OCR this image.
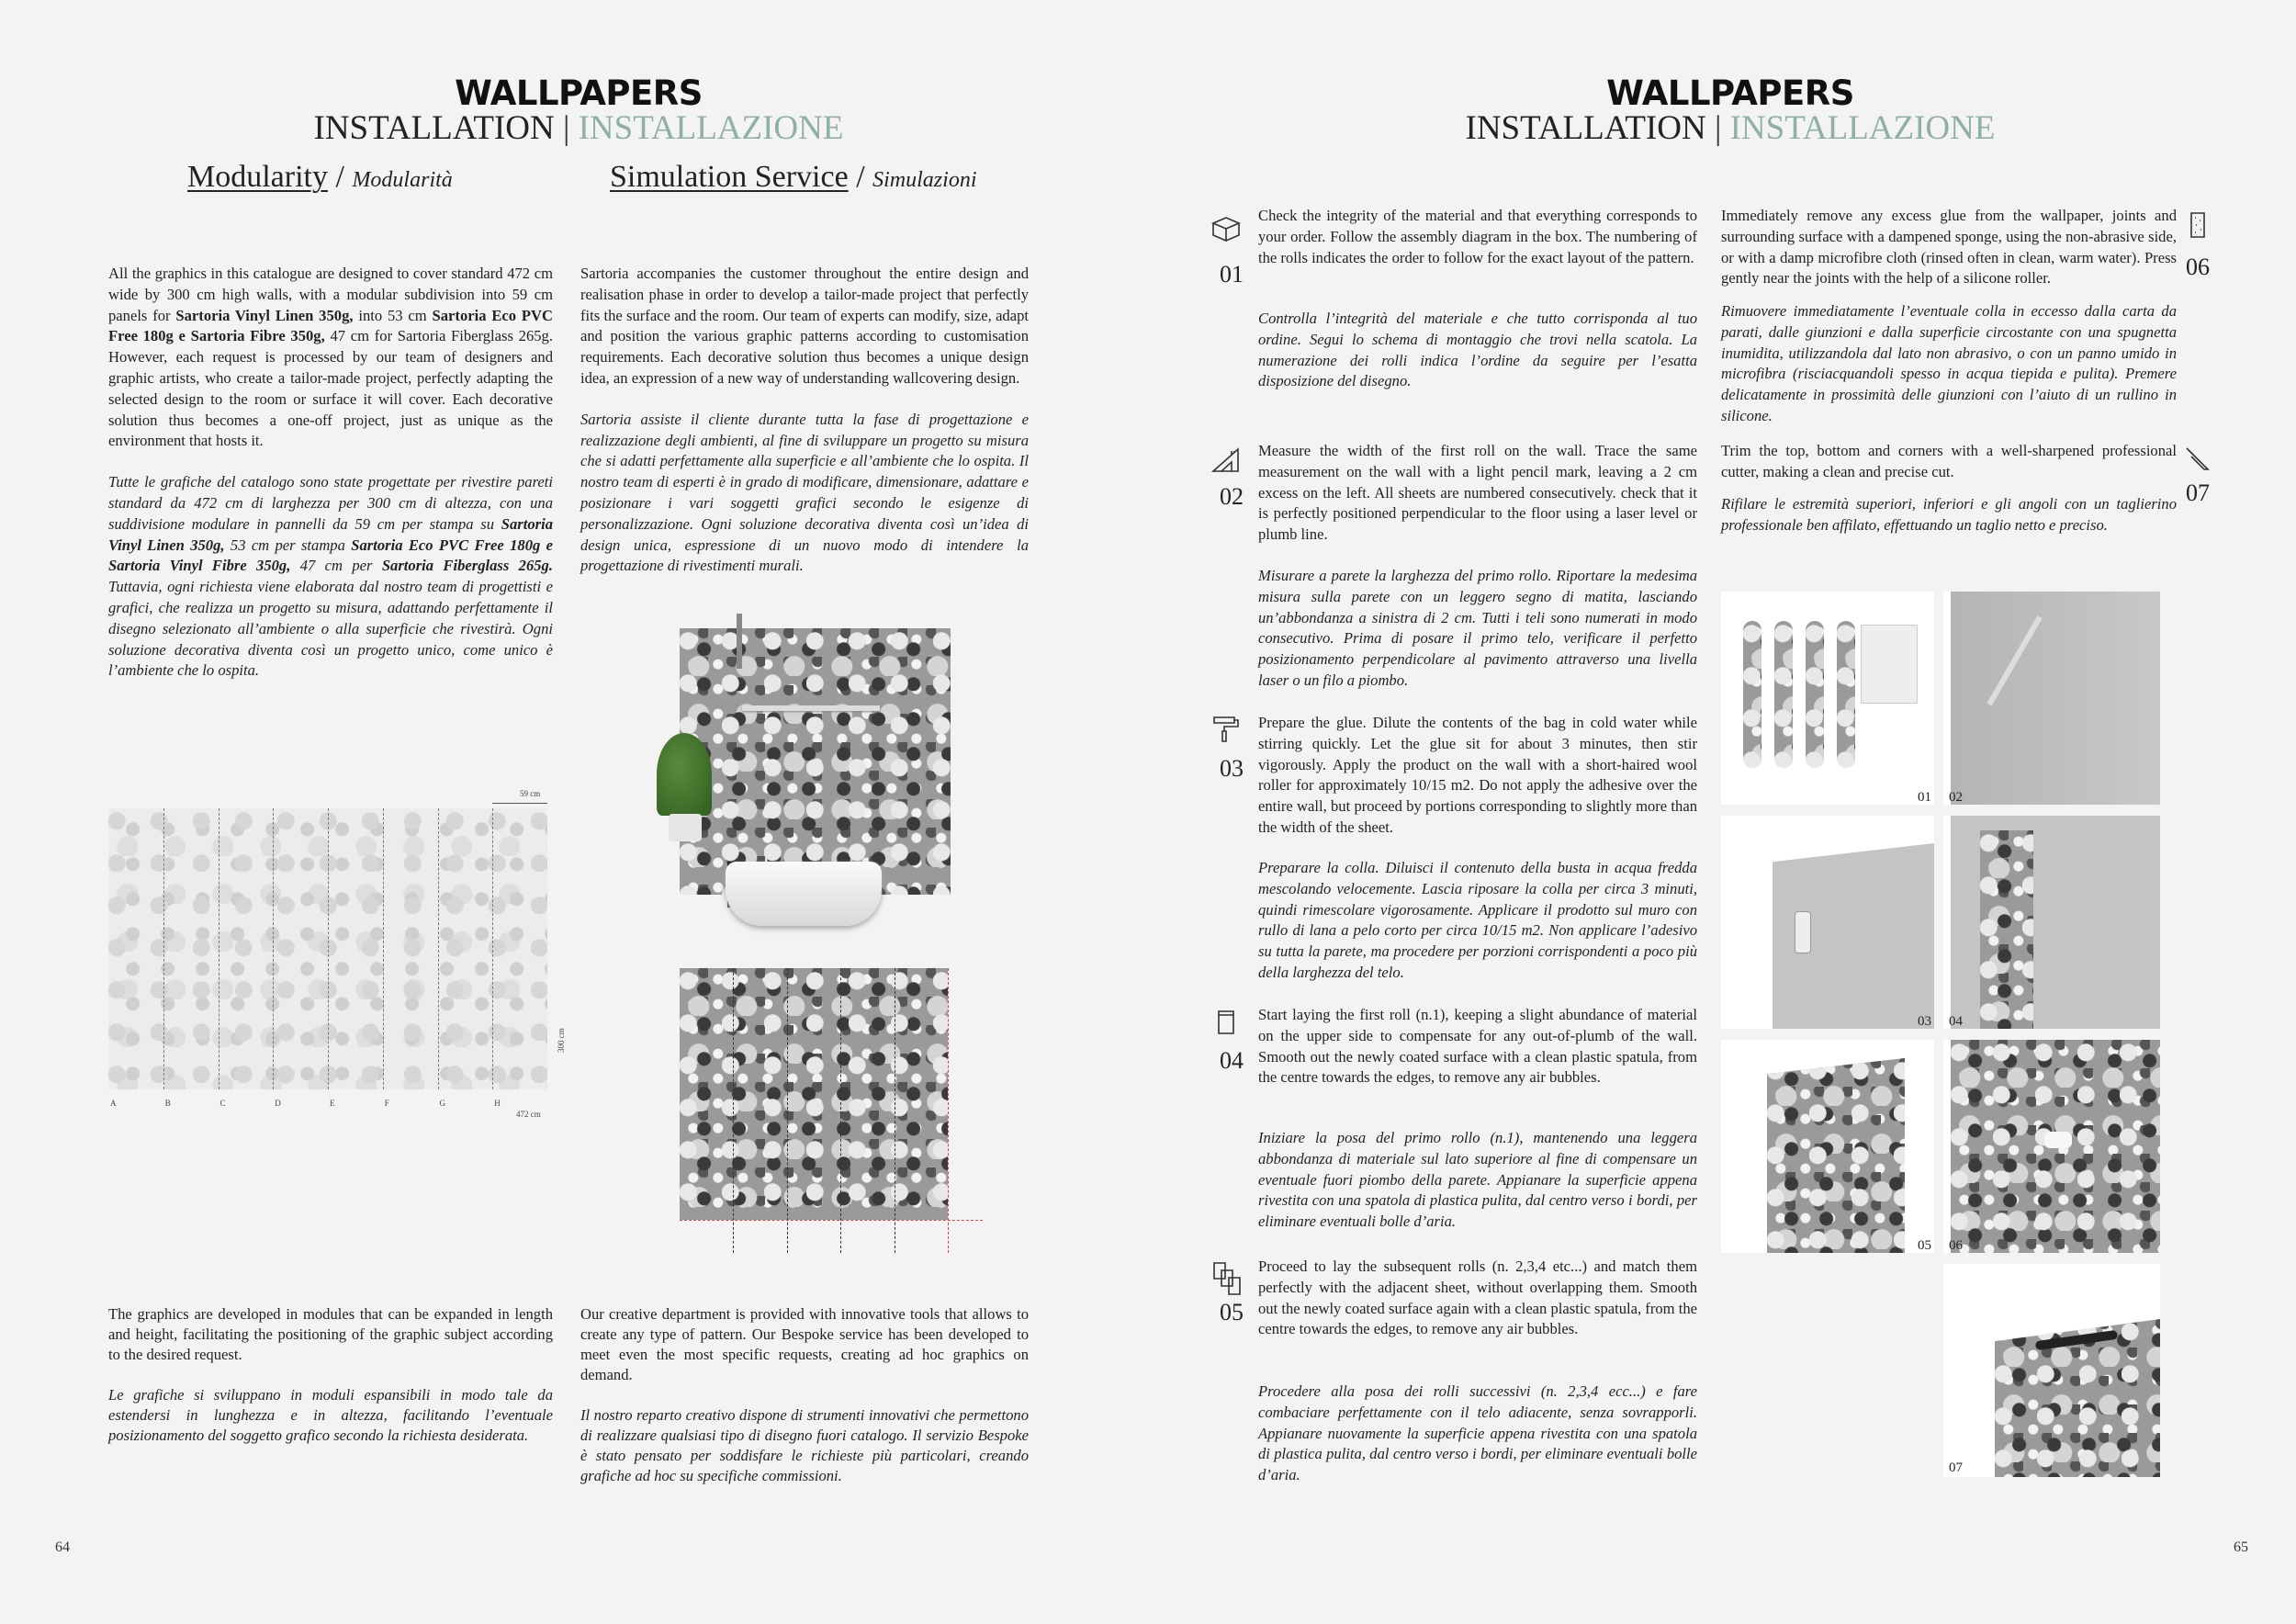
WALLPAPERS
INSTALLATION | INSTALLAZIONE
Modularity / Modularità	Simulation Service / Simulazioni

All the graphics in this catalogue are designed to cover standard 472 cm wide by 300 cm high walls, with a modular subdivision into 59 cm panels for Sartoria Vinyl Linen 350g, into 53 cm Sartoria Eco PVC Free 180g e Sartoria Fibre 350g, 47 cm for Sartoria Fiberglass 265g. However, each request is processed by our team of designers and graphic artists, who create a tailor-made project, perfectly adapting the selected design to the room or surface it will cover. Each decorative solution thus becomes a one-off project, just as unique as the environment that hosts it.

Tutte le grafiche del catalogo sono state progettate per rivestire pareti standard da 472 cm di larghezza per 300 cm di altezza, con una suddivisione modulare in pannelli da 59 cm per stampa su Sartoria Vinyl Linen 350g, 53 cm per stampa Sartoria Eco PVC Free 180g e Sartoria Vinyl Fibre 350g, 47 cm per Sartoria Fiberglass 265g. Tuttavia, ogni richiesta viene elaborata dal nostro team di progettisti e grafici, che realizza un progetto su misura, adattando perfettamente il disegno selezionato all’ambiente o alla superficie che rivestirà. Ogni soluzione decorativa diventa così un progetto unico, come unico è l’ambiente che lo ospita.

59 cm
300 cm
A	B	C	D	E	F	G	H
472 cm

Sartoria accompanies the customer throughout the entire design and realisation phase in order to develop a tailor-made project that perfectly fits the surface and the room. Our team of experts can modify, size, adapt and position the various graphic patterns according to customisation requirements. Each decorative solution thus becomes a unique design idea, an expression of a new way of understanding wallcovering design.

Sartoria assiste il cliente durante tutta la fase di progettazione e realizzazione degli ambienti, al fine di sviluppare un progetto su misura che si adatti perfettamente alla superficie e all’ambiente che lo ospita. Il nostro team di esperti è in grado di modificare, dimensionare, adattare e posizionare i vari soggetti grafici secondo le esigenze di personalizzazione. Ogni soluzione decorativa diventa così un’idea di design unica, espressione di un nuovo modo di intendere la progettazione di rivestimenti murali.

The graphics are developed in modules that can be expanded in length and height, facilitating the positioning of the graphic subject according to the desired request.

Le grafiche si sviluppano in moduli espansibili in modo tale da estendersi in lunghezza e in altezza, facilitando l’eventuale posizionamento del soggetto grafico secondo la richiesta desiderata.

Our creative department is provided with innovative tools that allows to create any type of pattern. Our Bespoke service has been developed to meet even the most specific requests, creating ad hoc graphics on demand.

Il nostro reparto creativo dispone di strumenti innovativi che permettono di realizzare qualsiasi tipo di disegno fuori catalogo. Il servizio Bespoke è stato pensato per soddisfare le richieste più particolari, creando grafiche ad hoc su specifiche commissioni.

64
WALLPAPERS
INSTALLATION | INSTALLAZIONE
01

Check the integrity of the material and that everything corresponds to your order. Follow the assembly diagram in the box. The numbering of the rolls indicates the order to follow for the exact layout of the pattern.

Controlla l’integrità del materiale e che tutto corrisponda al tuo ordine. Segui lo schema di montaggio che trovi nella scatola. La numerazione dei rolli indica l’ordine da seguire per l’esatta disposizione del disegno.

02

Measure the width of the first roll on the wall. Trace the same measurement on the wall with a light pencil mark, leaving a 2 cm excess on the left. All sheets are numbered consecutively. check that it is perfectly positioned perpendicular to the floor using a laser level or plumb line.

Misurare a parete la larghezza del primo rollo. Riportare la medesima misura sulla parete con un leggero segno di matita, lasciando un’abbondanza a sinistra di 2 cm. Tutti i teli sono numerati in modo consecutivo. Prima di posare il primo telo, verificare il perfetto posizionamento perpendicolare al pavimento attraverso una livella laser o un filo a piombo.

03

Prepare the glue. Dilute the contents of the bag in cold water while stirring quickly. Let the glue sit for about 3 minutes, then stir vigorously. Apply the product on the wall with a short-haired wool roller for approximately 10/15 m2. Do not apply the adhesive over the entire wall, but proceed by portions corresponding to slightly more than the width of the sheet.

Preparare la colla. Diluisci il contenuto della busta in acqua fredda mescolando velocemente. Lascia riposare la colla per circa 3 minuti, quindi rimescolare vigorosamente. Applicare il prodotto sul muro con rullo di lana a pelo corto per circa 10/15 m2. Non applicare l’adesivo su tutta la parete, ma procedere per porzioni corrispondenti a poco più della larghezza del telo.

04

Start laying the first roll (n.1), keeping a slight abundance of material on the upper side to compensate for any out-of-plumb of the wall. Smooth out the newly coated surface with a clean plastic spatula, from the centre towards the edges, to remove any air bubbles.

Iniziare la posa del primo rollo (n.1), mantenendo una leggera abbondanza di materiale sul lato superiore al fine di compensare un eventuale fuori piombo della parete. Appianare la superficie appena rivestita con una spatola di plastica pulita, dal centro verso i bordi, per eliminare eventuali bolle d’aria.

05

Proceed to lay the subsequent rolls (n. 2,3,4 etc...) and match them perfectly with the adjacent sheet, without overlapping them. Smooth out the newly coated surface again with a clean plastic spatula, from the centre towards the edges, to remove any air bubbles.

Procedere alla posa dei rolli successivi (n. 2,3,4 ecc...) e fare combaciare perfettamente con il telo adiacente, senza sovrapporli. Appianare nuovamente la superficie appena rivestita con una spatola di plastica pulita, dal centro verso i bordi, per eliminare eventuali bolle d’aria.

Immediately remove any excess glue from the wallpaper, joints and surrounding surface with a dampened sponge, using the non-abrasive side, or with a damp microfibre cloth (rinsed often in clean, warm water). Press gently near the joints with the help of a silicone roller.

Rimuovere immediatamente l’eventuale colla in eccesso dalla carta da parati, dalle giunzioni e dalla superficie circostante con una spugnetta inumidita, utilizzandola dal lato non abrasivo, o con un panno umido in microfibra (risciacquandoli spesso in acqua tiepida e pulita). Premere delicatamente in prossimità delle giunzioni con l’aiuto di un rullino in silicone.

06

Trim the top, bottom and corners with a well-sharpened professional cutter, making a clean and precise cut.

Rifilare le estremità superiori, inferiori e gli angoli con un taglierino professionale ben affilato, effettuando un taglio netto e preciso.

07
01 02
03 04
05 06
07
65
